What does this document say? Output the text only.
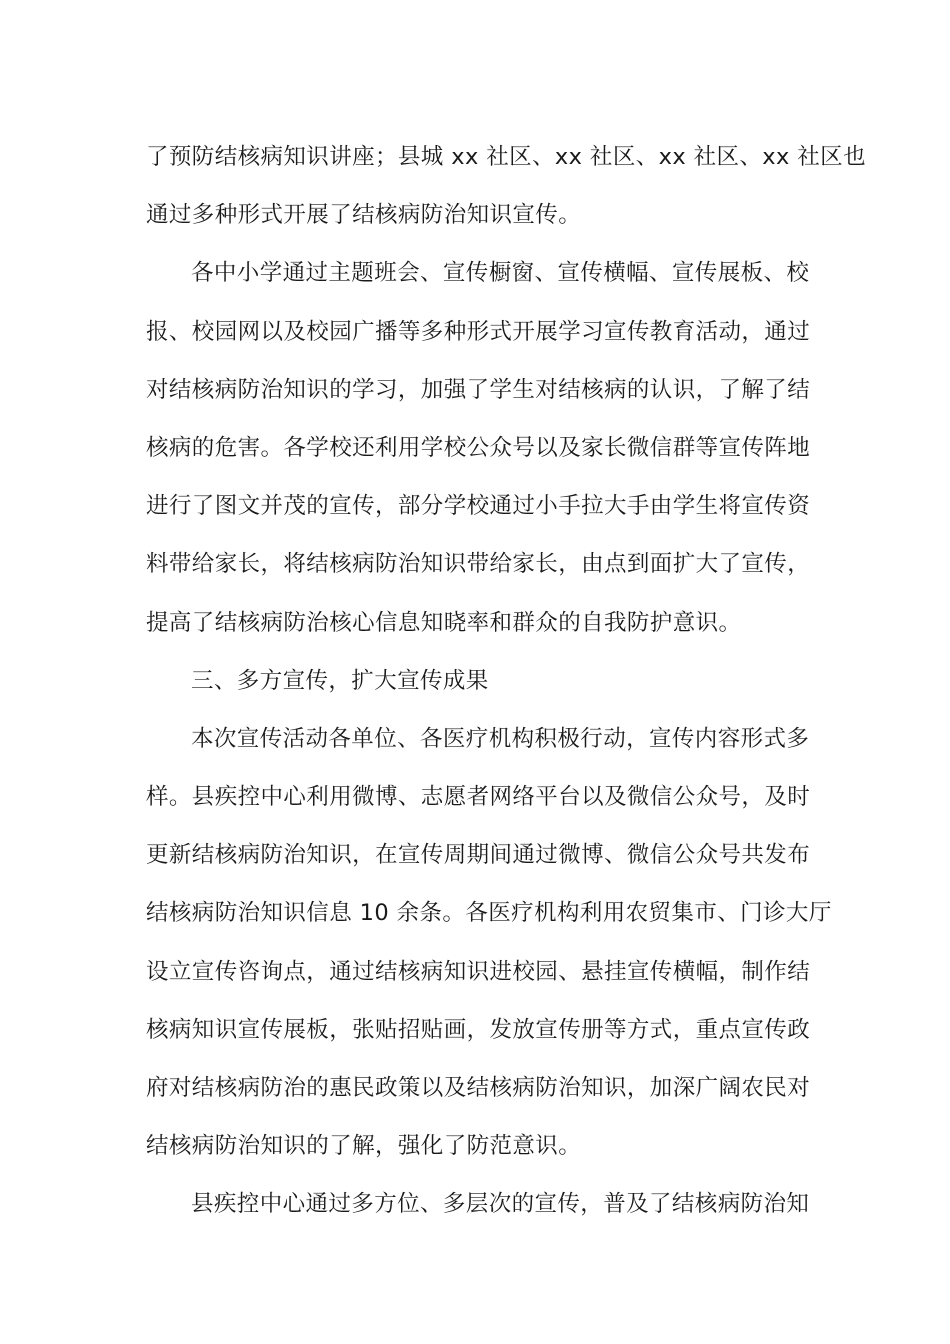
了预防结核病知识讲座；县城 xx 社区、xx 社区、xx 社区、xx 社区也
通过多种形式开展了结核病防治知识宣传。
各中小学通过主题班会、宣传橱窗、宣传横幅、宣传展板、校
报、校园网以及校园广播等多种形式开展学习宣传教育活动，通过
对结核病防治知识的学习，加强了学生对结核病的认识，了解了结
核病的危害。各学校还利用学校公众号以及家长微信群等宣传阵地
进行了图文并茂的宣传，部分学校通过小手拉大手由学生将宣传资
料带给家长，将结核病防治知识带给家长，由点到面扩大了宣传，
提高了结核病防治核心信息知晓率和群众的自我防护意识。
三、多方宣传，扩大宣传成果
本次宣传活动各单位、各医疗机构积极行动，宣传内容形式多
样。县疾控中心利用微博、志愿者网络平台以及微信公众号，及时
更新结核病防治知识，在宣传周期间通过微博、微信公众号共发布
结核病防治知识信息 10 余条。各医疗机构利用农贸集市、门诊大厅
设立宣传咨询点，通过结核病知识进校园、悬挂宣传横幅，制作结
核病知识宣传展板，张贴招贴画，发放宣传册等方式，重点宣传政
府对结核病防治的惠民政策以及结核病防治知识，加深广阔农民对
结核病防治知识的了解，强化了防范意识。
县疾控中心通过多方位、多层次的宣传，普及了结核病防治知
